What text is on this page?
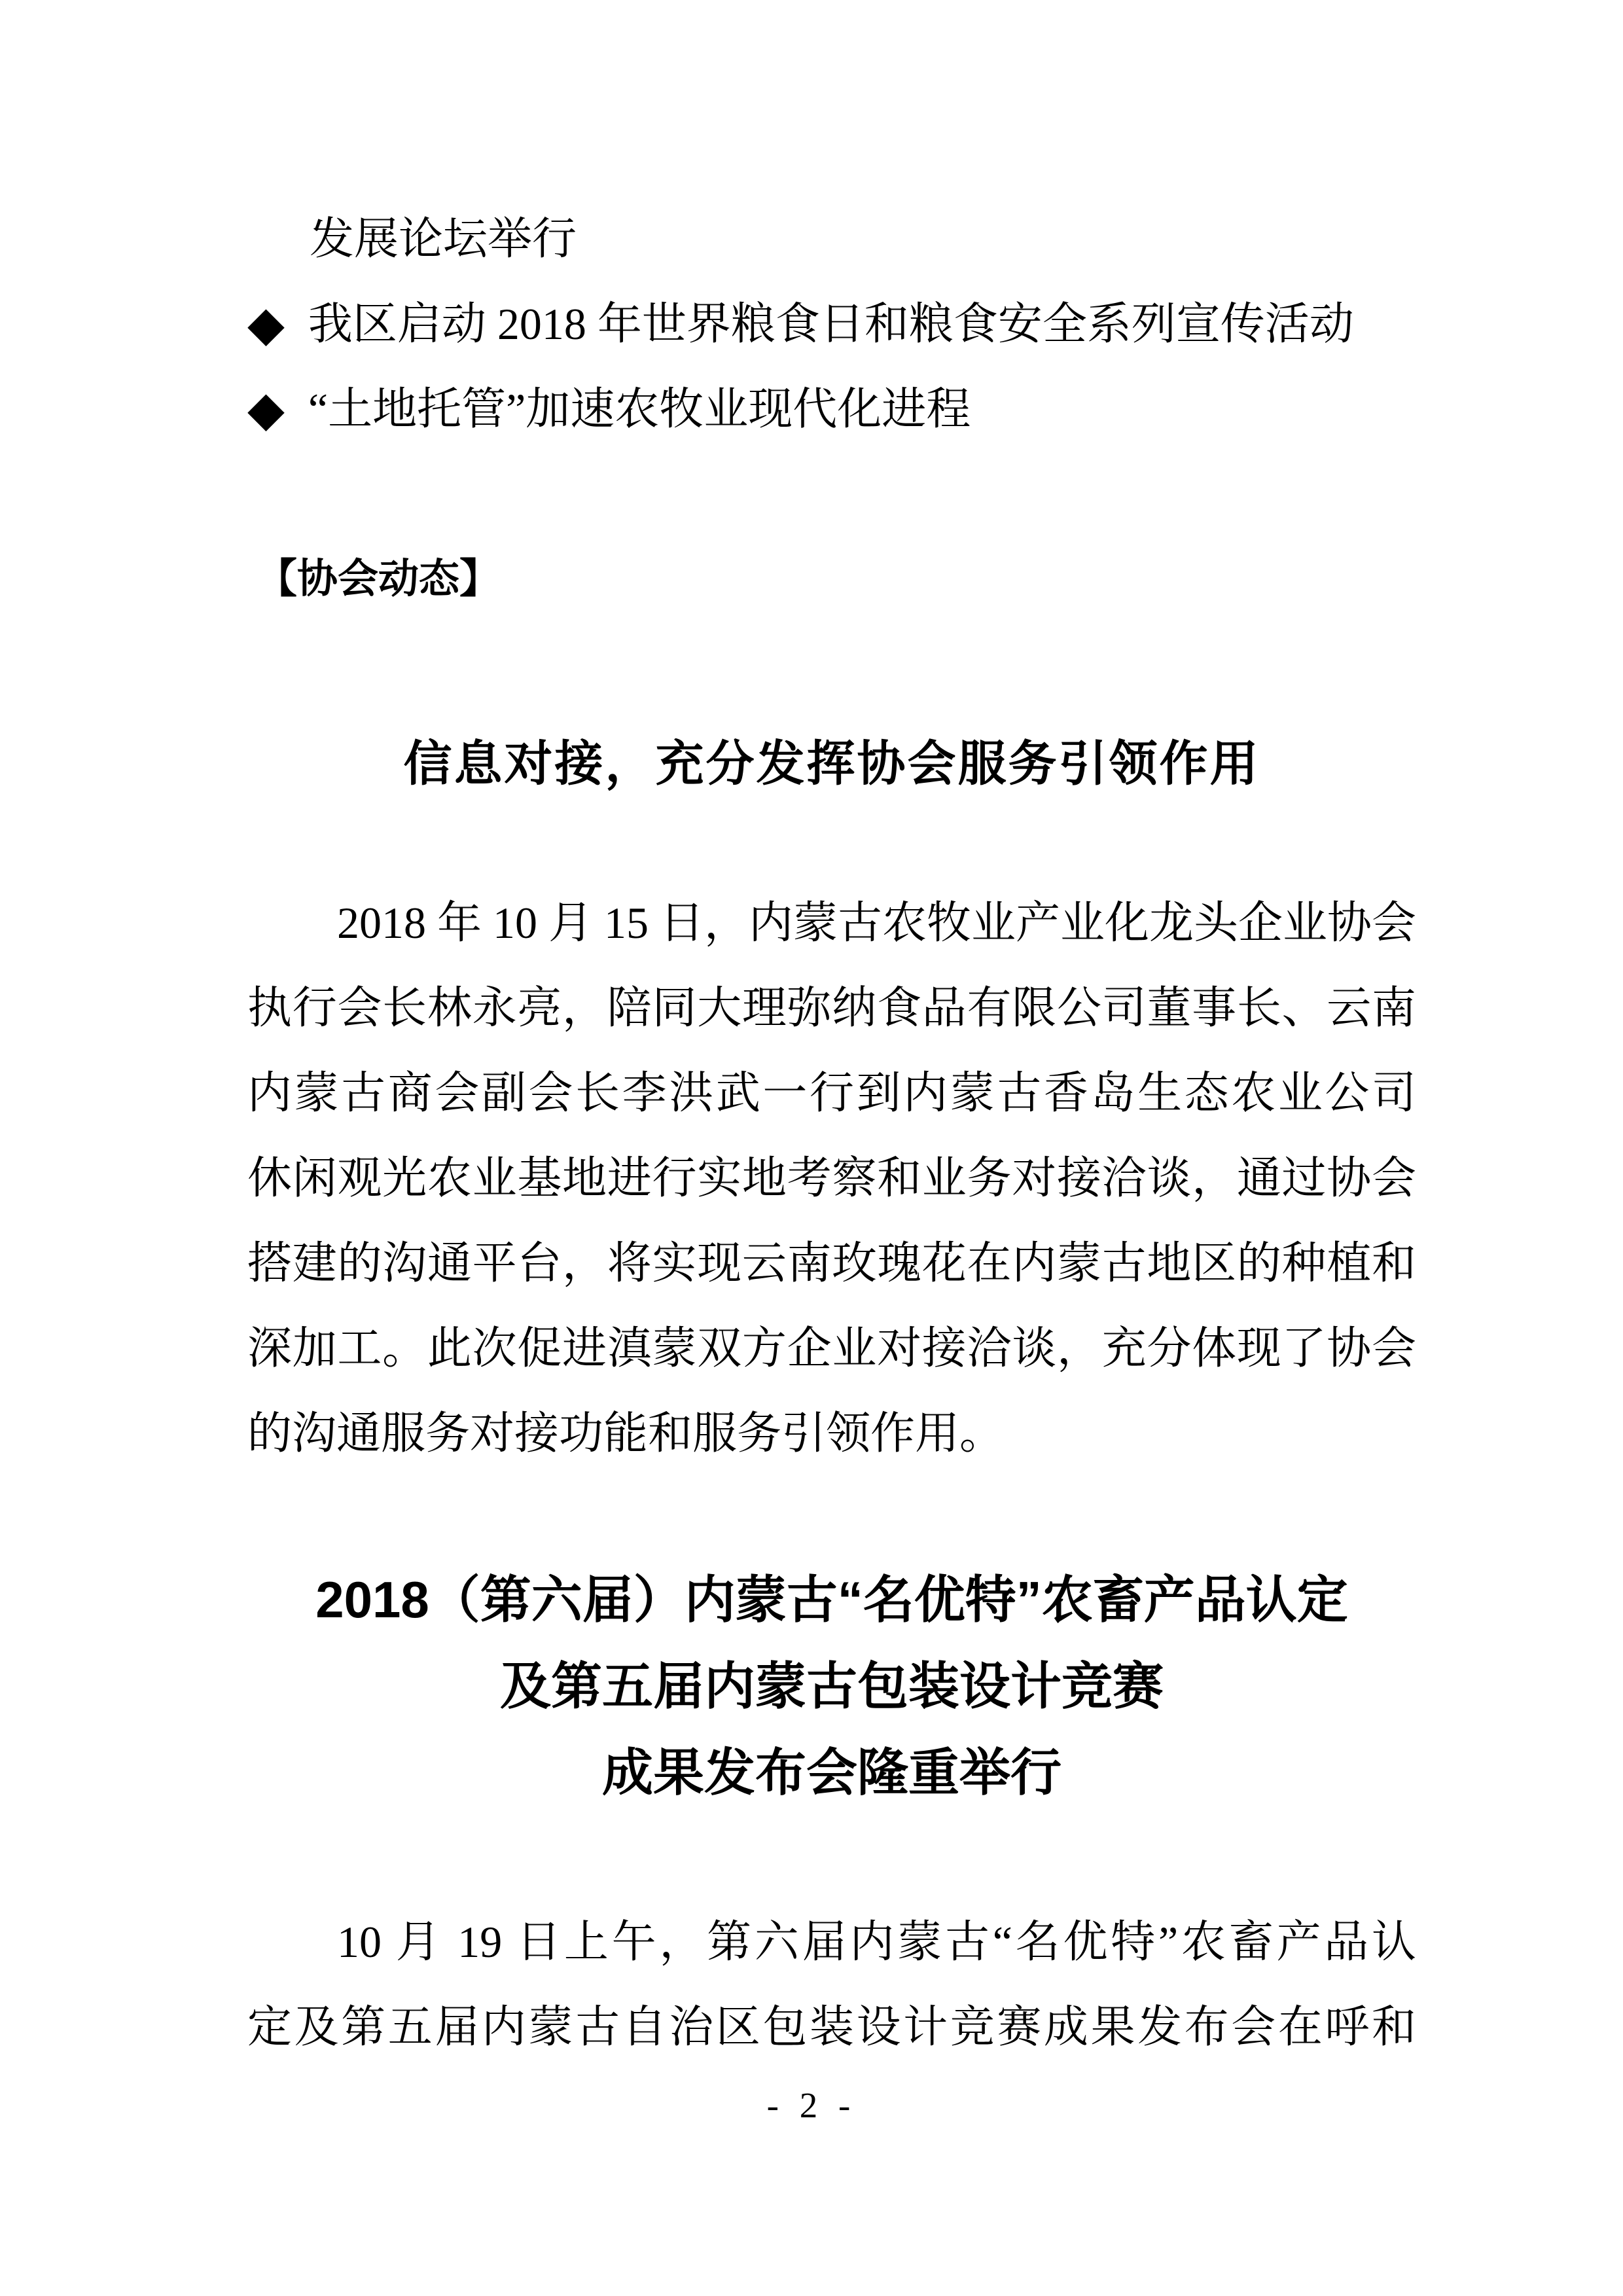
发展论坛举行
◆ 我区启动 2018 年世界粮食日和粮食安全系列宣传活动
◆ “土地托管”加速农牧业现代化进程
【协会动态】
信息对接，充分发挥协会服务引领作用
2018 年 10 月 15 日，内蒙古农牧业产业化龙头企业协会
执行会长林永亮，陪同大理弥纳食品有限公司董事长、云南
内蒙古商会副会长李洪武一行到内蒙古香岛生态农业公司
休闲观光农业基地进行实地考察和业务对接洽谈，通过协会
搭建的沟通平台，将实现云南玫瑰花在内蒙古地区的种植和
深加工。此次促进滇蒙双方企业对接洽谈，充分体现了协会
的沟通服务对接功能和服务引领作用。
2018（第六届）内蒙古“名优特”农畜产品认定
及第五届内蒙古包装设计竞赛
成果发布会隆重举行
10 月 19 日上午，第六届内蒙古“名优特”农畜产品认
定及第五届内蒙古自治区包装设计竞赛成果发布会在呼和
- 2 -
